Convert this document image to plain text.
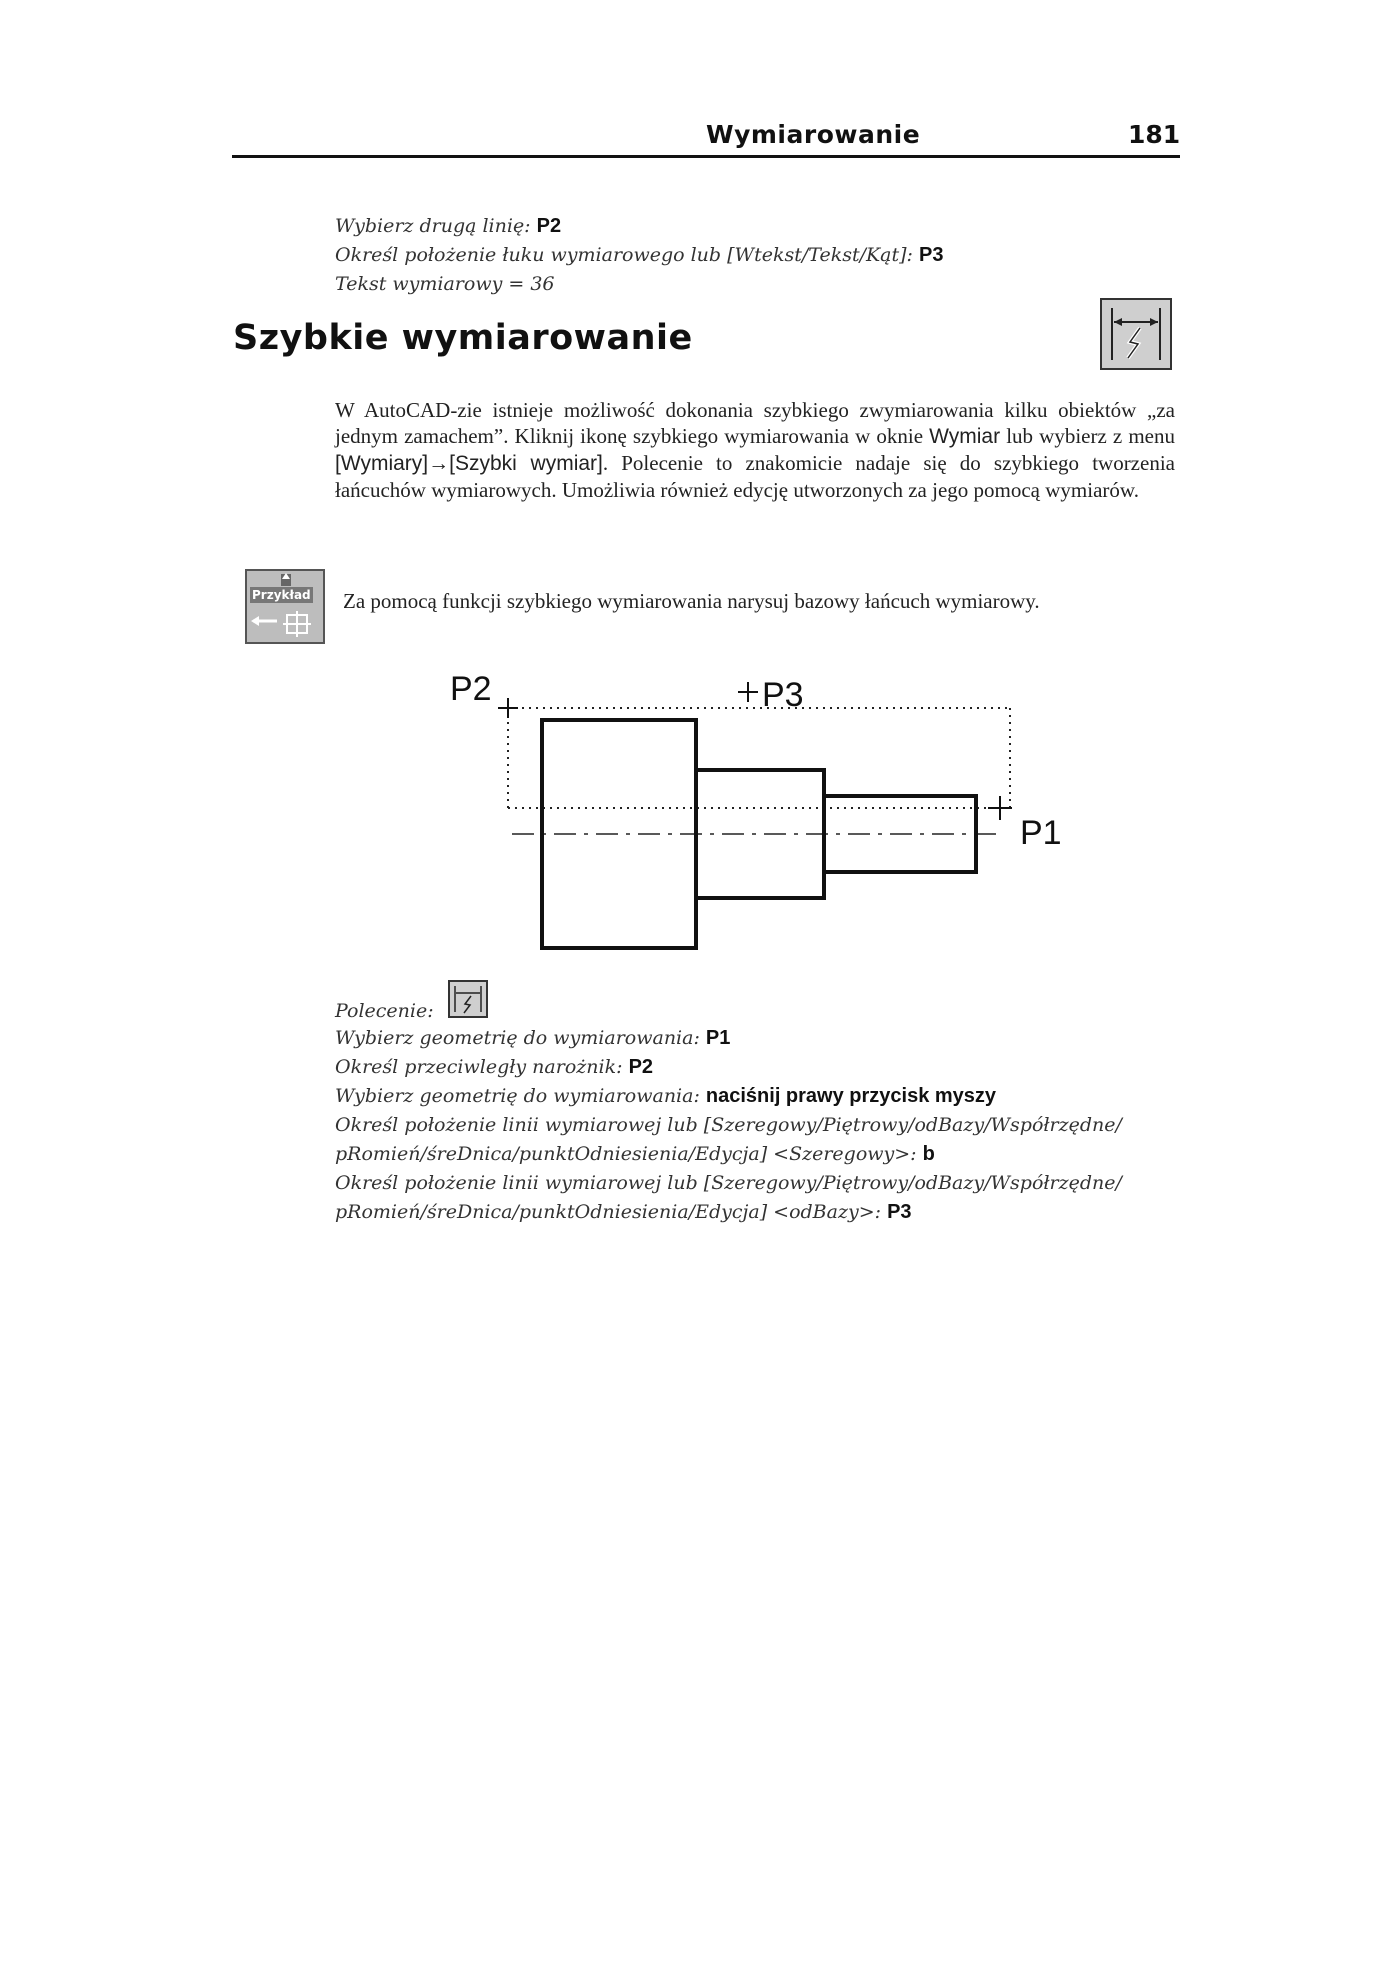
Wymiarowanie	181
Wybierz drugą linię: P2
Określ położenie łuku wymiarowego lub [Wtekst/Tekst/Kąt]: P3
Tekst wymiarowy = 36
Szybkie wymiarowanie
W AutoCAD-zie istnieje możliwość dokonania szybkiego zwymiarowania kilku obiektów „za jednym zamachem”. Kliknij ikonę szybkiego wymiarowania w oknie Wymiar lub wybierz z menu [Wymiary]→[Szybki wymiar]. Polecenie to znakomicie nadaje się do szybkiego tworzenia łańcuchów wymiarowych. Umożliwia również edycję utworzonych za jego pomocą wymiarów.
Przykład Za pomocą funkcji szybkiego wymiarowania narysuj bazowy łańcuch wymiarowy.
P2	P3
P1
Polecenie:
Wybierz geometrię do wymiarowania: P1
Określ przeciwległy narożnik: P2
Wybierz geometrię do wymiarowania: naciśnij prawy przycisk myszy
Określ położenie linii wymiarowej lub [Szeregowy/Piętrowy/odBazy/Współrzędne/
pRomień/śreDnica/punktOdniesienia/Edycja] <Szeregowy>: b
Określ położenie linii wymiarowej lub [Szeregowy/Piętrowy/odBazy/Współrzędne/
pRomień/śreDnica/punktOdniesienia/Edycja] <odBazy>: P3
